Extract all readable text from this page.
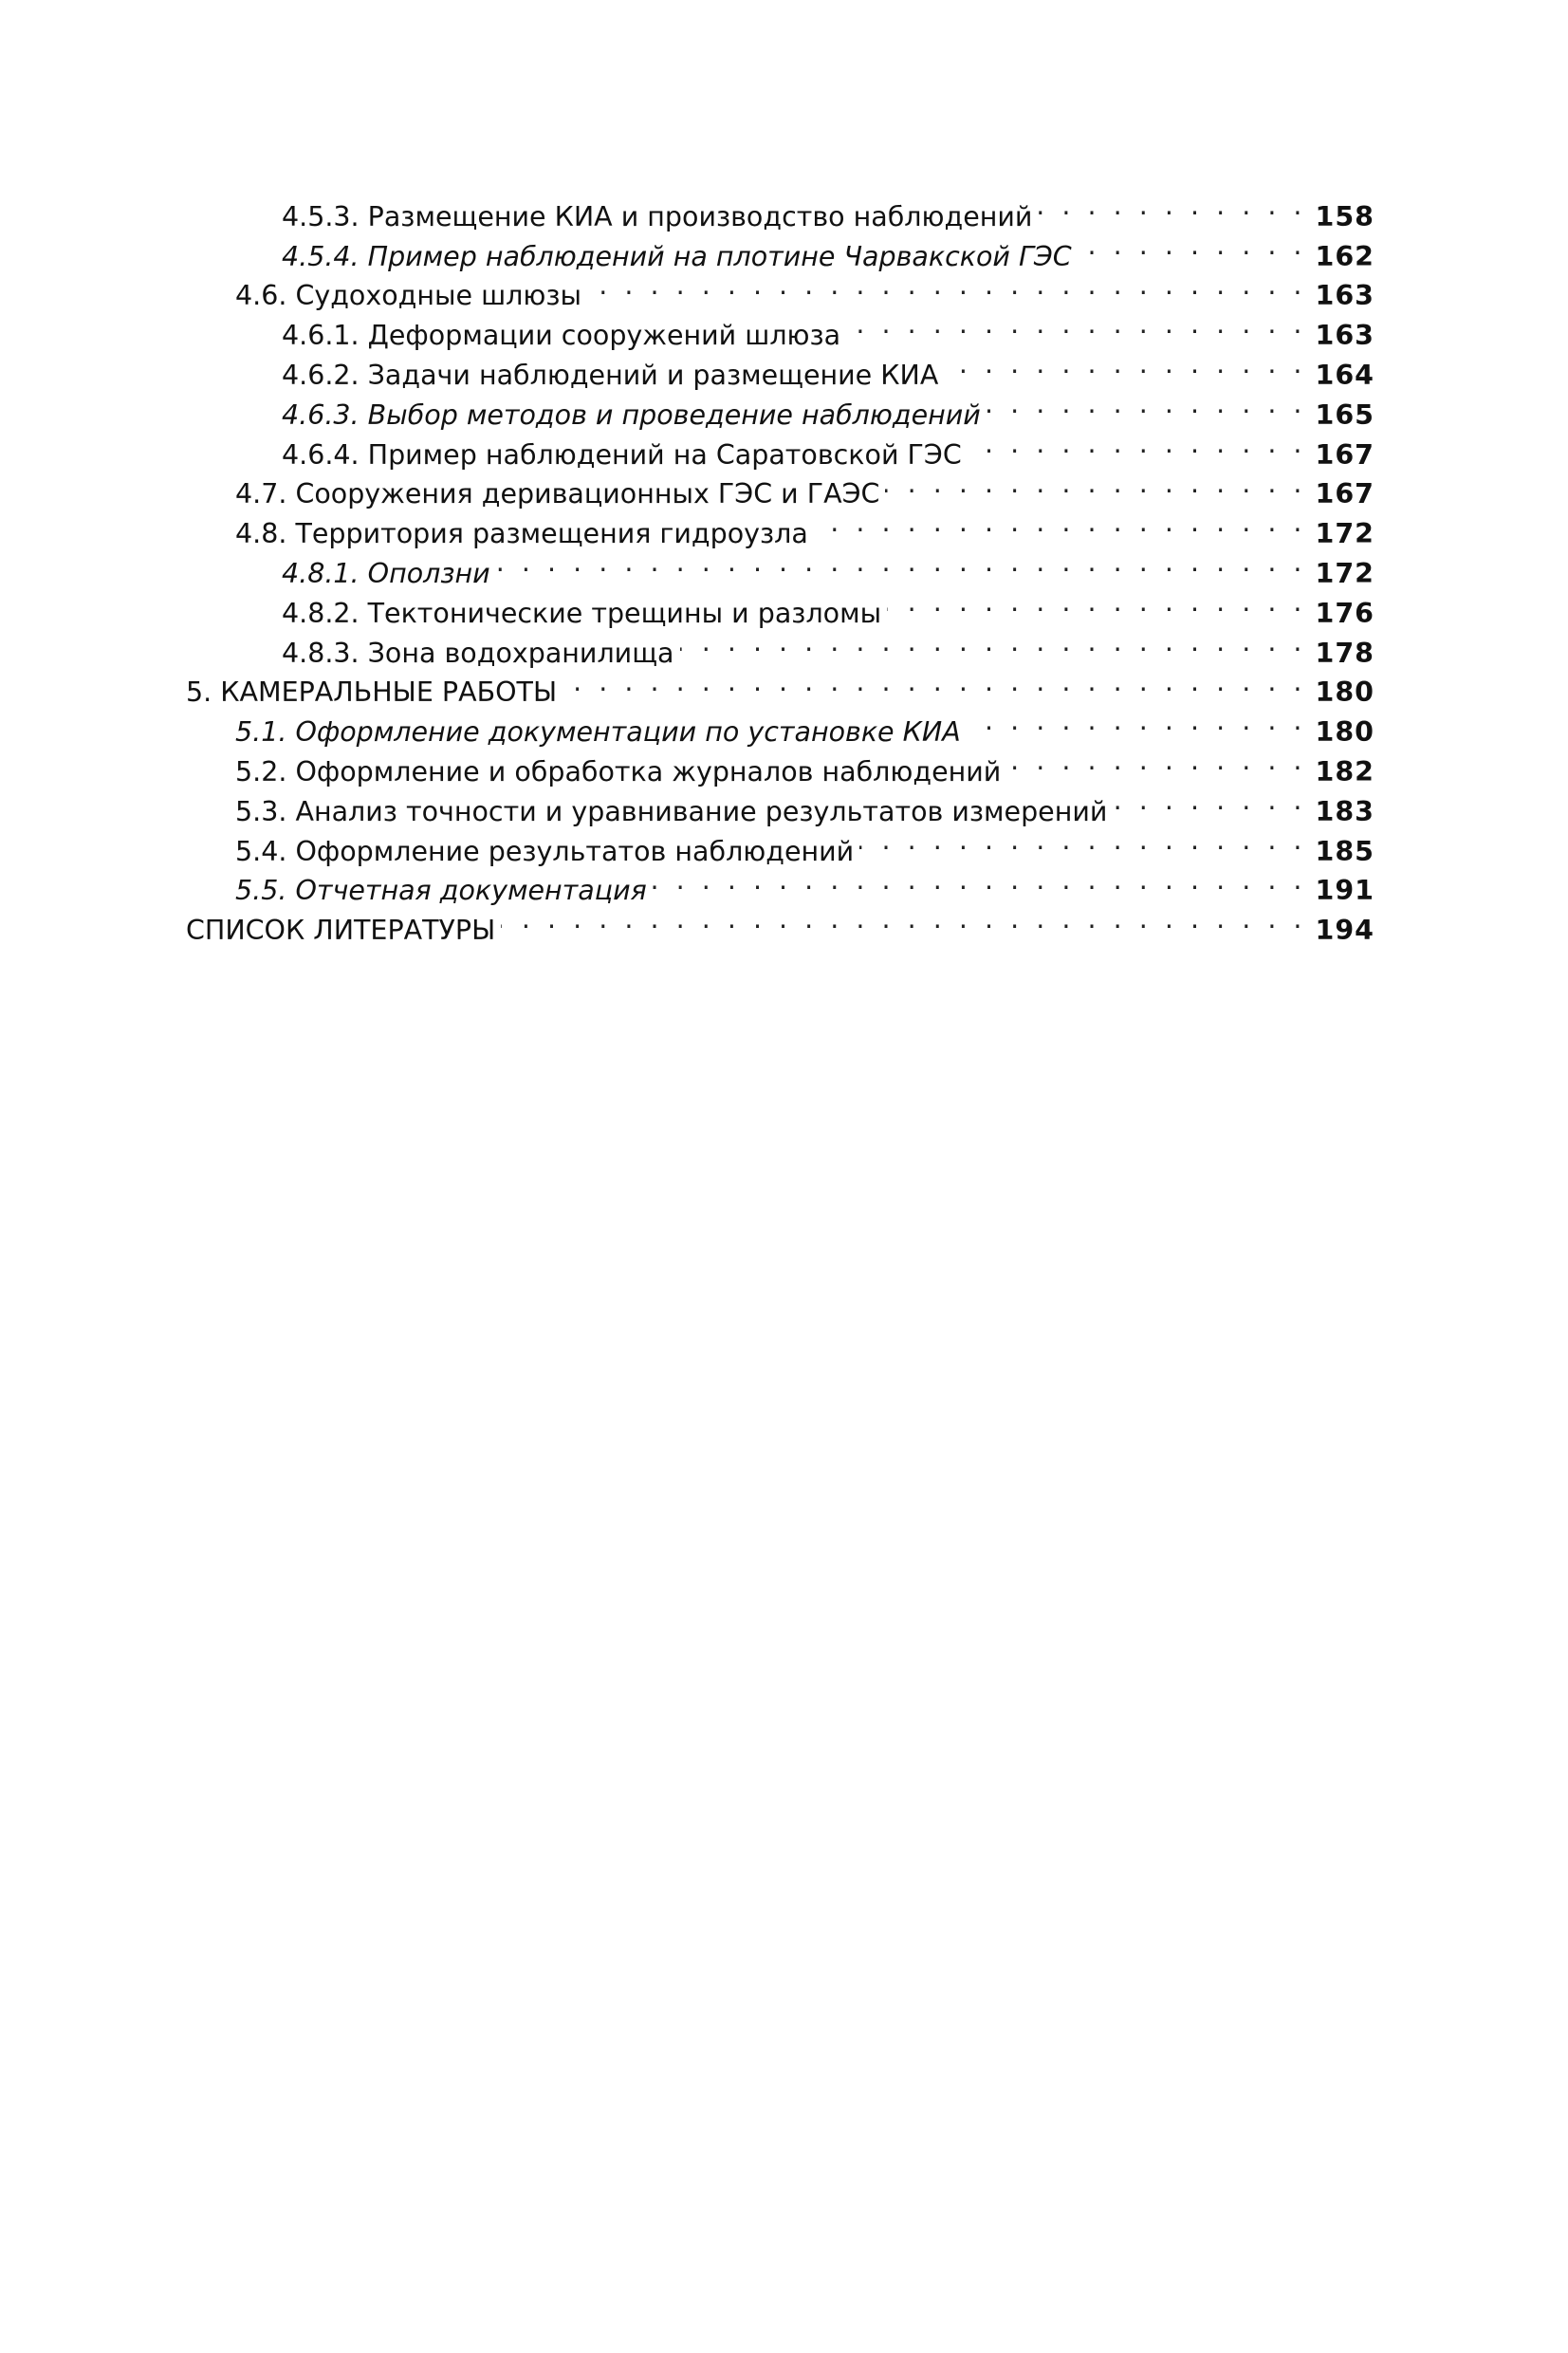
4.5.3. Размещение КИА и производство наблюдений . . .	158
4.5.4. Пример наблюдений на плотине Чарвакской ГЭС . . .	162
4.6. Судоходные шлюзы . . .	163
4.6.1. Деформации сооружений шлюза . . .	163
4.6.2. Задачи наблюдений и размещение КИА . . .	164
4.6.3. Выбор методов и проведение наблюдений . . .	165
4.6.4. Пример наблюдений на Саратовской ГЭС . . .	167
4.7. Сооружения деривационных ГЭС и ГАЭС . . .	167
4.8. Территория размещения гидроузла . . .	172
4.8.1. Оползни . . .	172
4.8.2. Тектонические трещины и разломы . . .	176
4.8.3. Зона водохранилища . . .	178
5. КАМЕРАЛЬНЫЕ РАБОТЫ . . .	180
5.1. Оформление документации по установке КИА . . .	180
5.2. Оформление и обработка журналов наблюдений . . .	182
5.3. Анализ точности и уравнивание результатов измерений . . .	183
5.4. Оформление результатов наблюдений . . .	185
5.5. Отчетная документация . . .	191
СПИСОК ЛИТЕРАТУРЫ . . .	194
